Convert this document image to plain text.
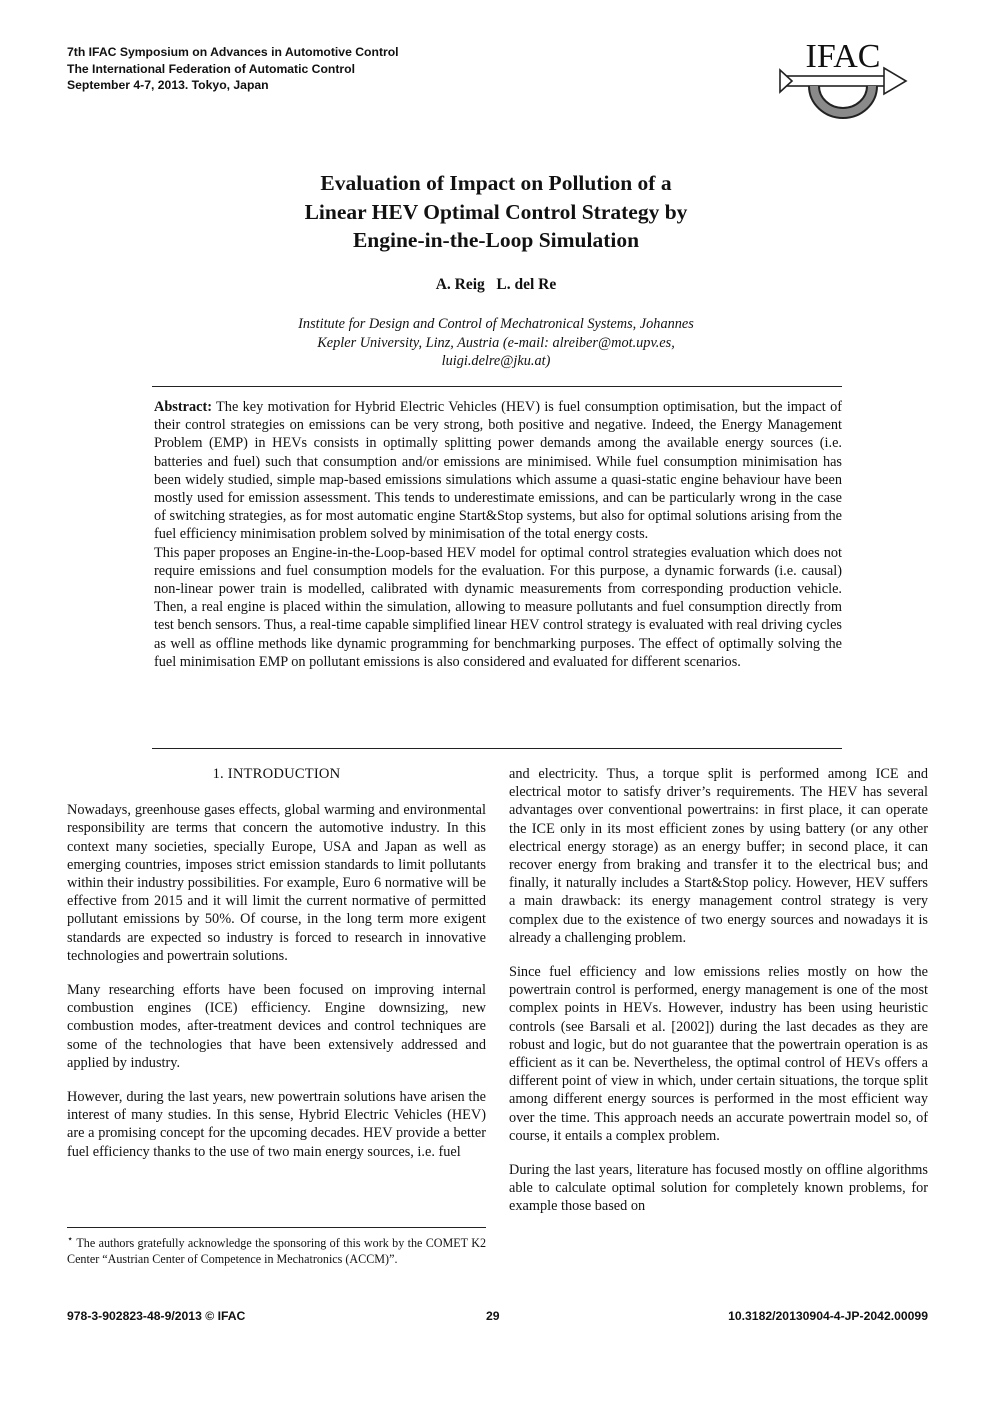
7th IFAC Symposium on Advances in Automotive Control
The International Federation of Automatic Control
September 4-7, 2013. Tokyo, Japan
IFAC
Evaluation of Impact on Pollution of a
Linear HEV Optimal Control Strategy by
Engine-in-the-Loop Simulation
A. Reig   L. del Re
Institute for Design and Control of Mechatronical Systems, Johannes
Kepler University, Linz, Austria (e-mail: alreiber@mot.upv.es,
luigi.delre@jku.at)

Abstract: The key motivation for Hybrid Electric Vehicles (HEV) is fuel consumption optimisation, but the impact of their control strategies on emissions can be very strong, both positive and negative. Indeed, the Energy Management Problem (EMP) in HEVs consists in optimally splitting power demands among the available energy sources (i.e. batteries and fuel) such that consumption and/or emissions are minimised. While fuel consumption minimisation has been widely studied, simple map-based emissions simulations which assume a quasi-static engine behaviour have been mostly used for emission assessment. This tends to underestimate emissions, and can be particularly wrong in the case of switching strategies, as for most automatic engine Start&Stop systems, but also for optimal solutions arising from the fuel efficiency minimisation problem solved by minimisation of the total energy costs.

This paper proposes an Engine-in-the-Loop-based HEV model for optimal control strategies evaluation which does not require emissions and fuel consumption models for the evaluation. For this purpose, a dynamic forwards (i.e. causal) non-linear power train is modelled, calibrated with dynamic measurements from corresponding production vehicle. Then, a real engine is placed within the simulation, allowing to measure pollutants and fuel consumption directly from test bench sensors. Thus, a real-time capable simplified linear HEV control strategy is evaluated with real driving cycles as well as offline methods like dynamic programming for benchmarking purposes. The effect of optimally solving the fuel minimisation EMP on pollutant emissions is also considered and evaluated for different scenarios.

1. INTRODUCTION

Nowadays, greenhouse gases effects, global warming and environmental responsibility are terms that concern the automotive industry. In this context many societies, specially Europe, USA and Japan as well as emerging countries, imposes strict emission standards to limit pollutants within their industry possibilities. For example, Euro 6 normative will be effective from 2015 and it will limit the current normative of permitted pollutant emissions by 50%. Of course, in the long term more exigent standards are expected so industry is forced to research in innovative technologies and powertrain solutions.

Many researching efforts have been focused on improving internal combustion engines (ICE) efficiency. Engine downsizing, new combustion modes, after-treatment devices and control techniques are some of the technologies that have been extensively addressed and applied by industry.

However, during the last years, new powertrain solutions have arisen the interest of many studies. In this sense, Hybrid Electric Vehicles (HEV) are a promising concept for the upcoming decades. HEV provide a better fuel efficiency thanks to the use of two main energy sources, i.e. fuel

⋆ The authors gratefully acknowledge the sponsoring of this work by the COMET K2 Center “Austrian Center of Competence in Mechatronics (ACCM)”.

and electricity. Thus, a torque split is performed among ICE and electrical motor to satisfy driver’s requirements. The HEV has several advantages over conventional powertrains: in first place, it can operate the ICE only in its most efficient zones by using battery (or any other electrical energy storage) as an energy buffer; in second place, it can recover energy from braking and transfer it to the electrical bus; and finally, it naturally includes a Start&Stop policy. However, HEV suffers a main drawback: its energy management control strategy is very complex due to the existence of two energy sources and nowadays it is already a challenging problem.

Since fuel efficiency and low emissions relies mostly on how the powertrain control is performed, energy management is one of the most complex points in HEVs. However, industry has been using heuristic controls (see Barsali et al. [2002]) during the last decades as they are robust and logic, but do not guarantee that the powertrain operation is as efficient as it can be. Nevertheless, the optimal control of HEVs offers a different point of view in which, under certain situations, the torque split among different energy sources is performed in the most efficient way over the time. This approach needs an accurate powertrain model so, of course, it entails a complex problem.

During the last years, literature has focused mostly on offline algorithms able to calculate optimal solution for completely known problems, for example those based on

978-3-902823-48-9/2013 © IFAC	29	10.3182/20130904-4-JP-2042.00099
